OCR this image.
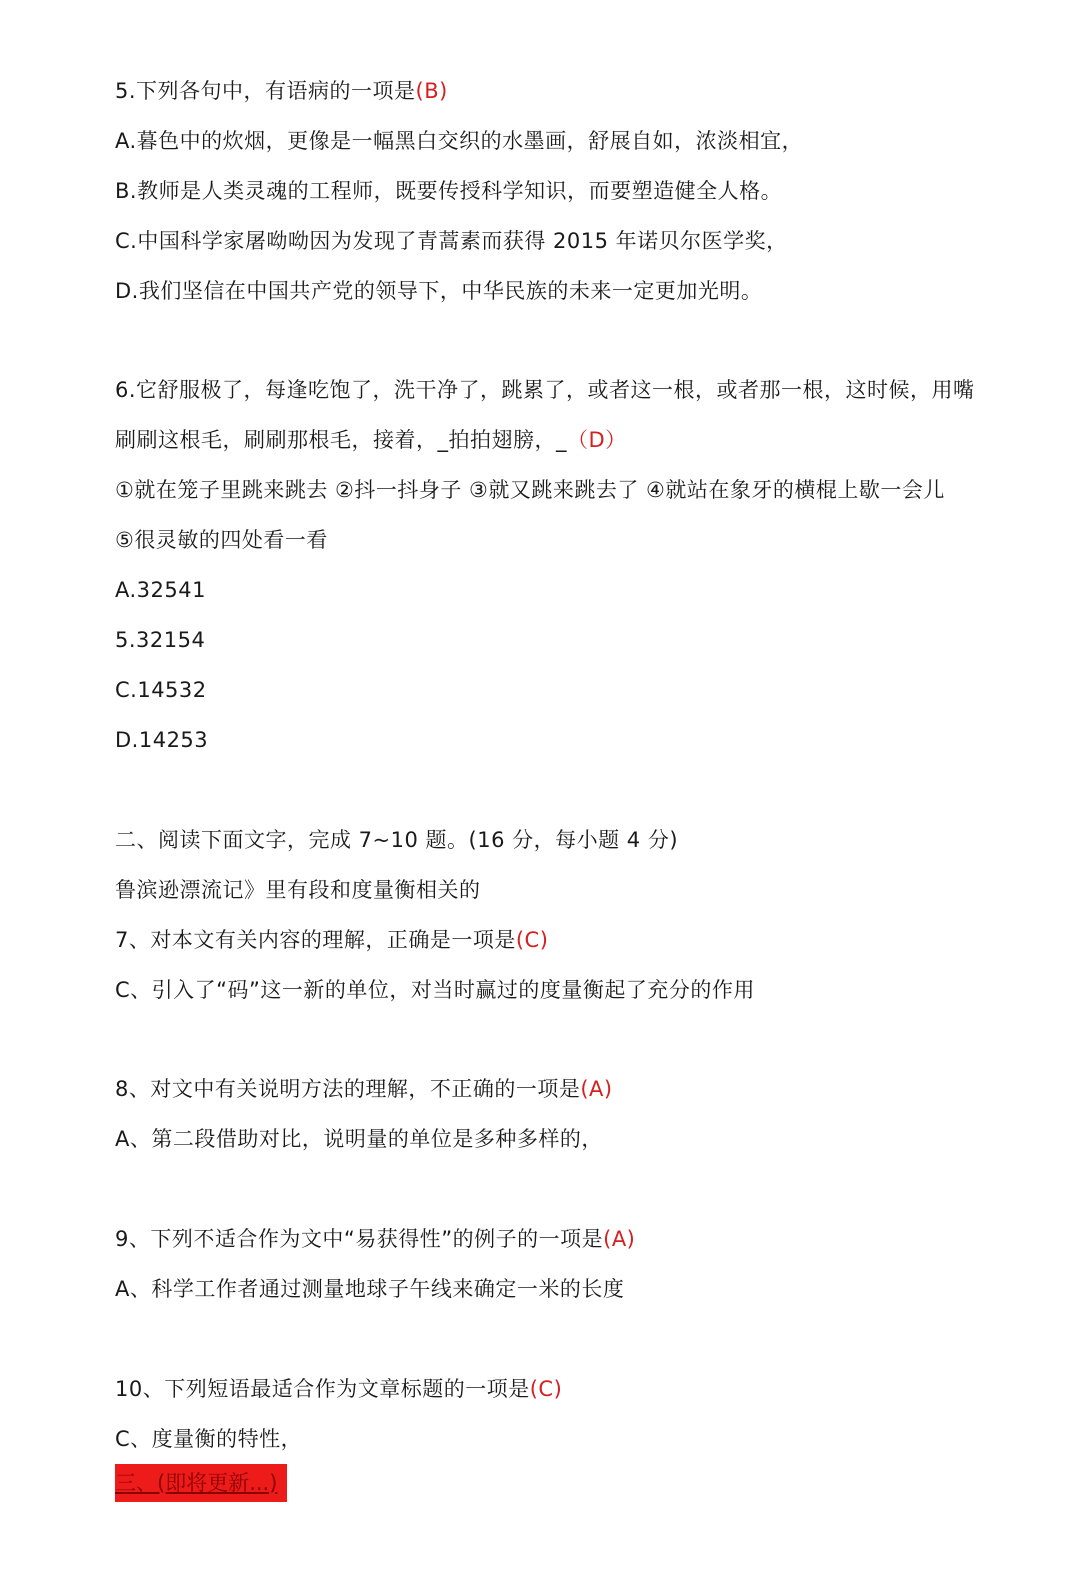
5.下列各句中，有语病的一项是(B)
A.暮色中的炊烟，更像是一幅黑白交织的水墨画，舒展自如，浓淡相宜，
B.教师是人类灵魂的工程师，既要传授科学知识，而要塑造健全人格。
C.中国科学家屠呦呦因为发现了青蒿素而获得 2015 年诺贝尔医学奖，
D.我们坚信在中国共产党的领导下，中华民族的未来一定更加光明。
6.它舒服极了，每逢吃饱了，洗干净了，跳累了，或者这一根，或者那一根，这时候，用嘴
刷刷这根毛，刷刷那根毛，接着，_拍拍翅膀，_（D）
①就在笼子里跳来跳去 ②抖一抖身子 ③就又跳来跳去了 ④就站在象牙的横棍上歇一会儿
⑤很灵敏的四处看一看
A.32541
5.32154
C.14532
D.14253
二、阅读下面文字，完成 7~10 题。(16 分，每小题 4 分)
鲁滨逊漂流记》里有段和度量衡相关的
7、对本文有关内容的理解，正确是一项是(C)
C、引入了“码”这一新的单位，对当时赢过的度量衡起了充分的作用
8、对文中有关说明方法的理解，不正确的一项是(A)
A、第二段借助对比，说明量的单位是多种多样的，
9、下列不适合作为文中“易获得性”的例子的一项是(A)
A、科学工作者通过测量地球子午线来确定一米的长度
10、下列短语最适合作为文章标题的一项是(C)
C、度量衡的特性，
三、(即将更新...)
